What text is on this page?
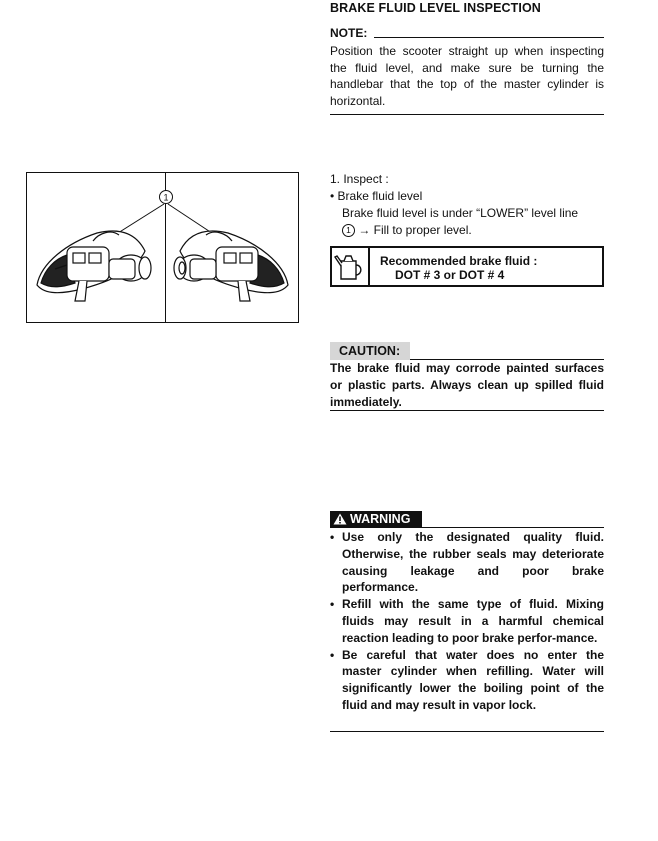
BRAKE FLUID LEVEL INSPECTION
NOTE:
Position the scooter straight up when inspecting the fluid level, and make sure be turning the handlebar that the top of the master cylinder is horizontal.
1
1. Inspect :
• Brake fluid level
Brake fluid level is under “LOWER” level line
1 → Fill to proper level.
Recommended brake fluid :
DOT # 3 or DOT # 4
CAUTION:
The brake fluid may corrode painted surfaces or plastic parts. Always clean up spilled fluid immediately.
WARNING
• Use only the designated quality fluid. Otherwise, the rubber seals may deteriorate causing leakage and poor brake performance.
• Refill with the same type of fluid. Mixing fluids may result in a harmful chemical reaction leading to poor brake perfor-mance.
• Be careful that water does no enter the master cylinder when refilling. Water will significantly lower the boiling point of the fluid and may result in vapor lock.
